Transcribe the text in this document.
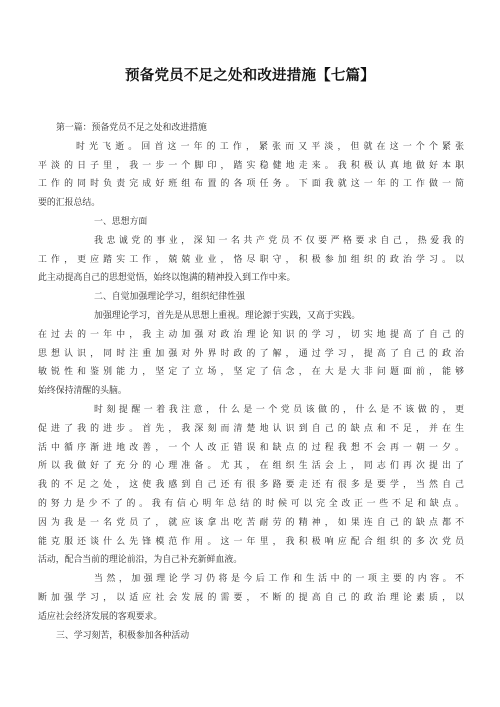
预备党员不足之处和改进措施【七篇】
第一篇：预备党员不足之处和改进措施
时光飞逝。回首这一年的工作，紧张而又平淡，但就在这一个个紧张
平淡的日子里，我一步一个脚印，踏实稳健地走来。我积极认真地做好本职
工作的同时负责完成好班组布置的各项任务。下面我就这一年的工作做一简
要的汇报总结。
一、思想方面
我忠诚党的事业，深知一名共产党员不仅要严格要求自己，热爱我的
工作，更应踏实工作，兢兢业业，恪尽职守，积极参加组织的政治学习。以
此主动提高自己的思想觉悟，始终以饱满的精神投入到工作中来。
二、自觉加强理论学习，组织纪律性强
加强理论学习，首先是从思想上重视。理论源于实践，又高于实践。
在过去的一年中，我主动加强对政治理论知识的学习，切实地提高了自己的
思想认识，同时注重加强对外界时政的了解，通过学习，提高了自己的政治
敏锐性和鉴别能力，坚定了立场，坚定了信念，在大是大非问题面前，能够
始终保持清醒的头脑。
时刻提醒一着我注意，什么是一个党员该做的，什么是不该做的，更
促进了我的进步。首先，我深刻而清楚地认识到自己的缺点和不足，并在生
活中循序渐进地改善，一个人改正错误和缺点的过程我想不会再一朝一夕。
所以我做好了充分的心理准备。尤其，在组织生活会上，同志们再次提出了
我的不足之处，这使我感到自己还有很多路要走还有很多是要学，当然自己
的努力是少不了的。我有信心明年总结的时候可以完全改正一些不足和缺点。
因为我是一名党员了，就应该拿出吃苦耐劳的精神，如果连自己的缺点都不
能克服还谈什么先锋模范作用。这一年里，我积极响应配合组织的多次党员
活动，配合当前的理论前沿，为自己补充新鲜血液。
当然，加强理论学习仍将是今后工作和生活中的一项主要的内容。不
断加强学习，以适应社会发展的需要，不断的提高自己的政治理论素质，以
适应社会经济发展的客观要求。
三、学习刻苦，积极参加各种活动
